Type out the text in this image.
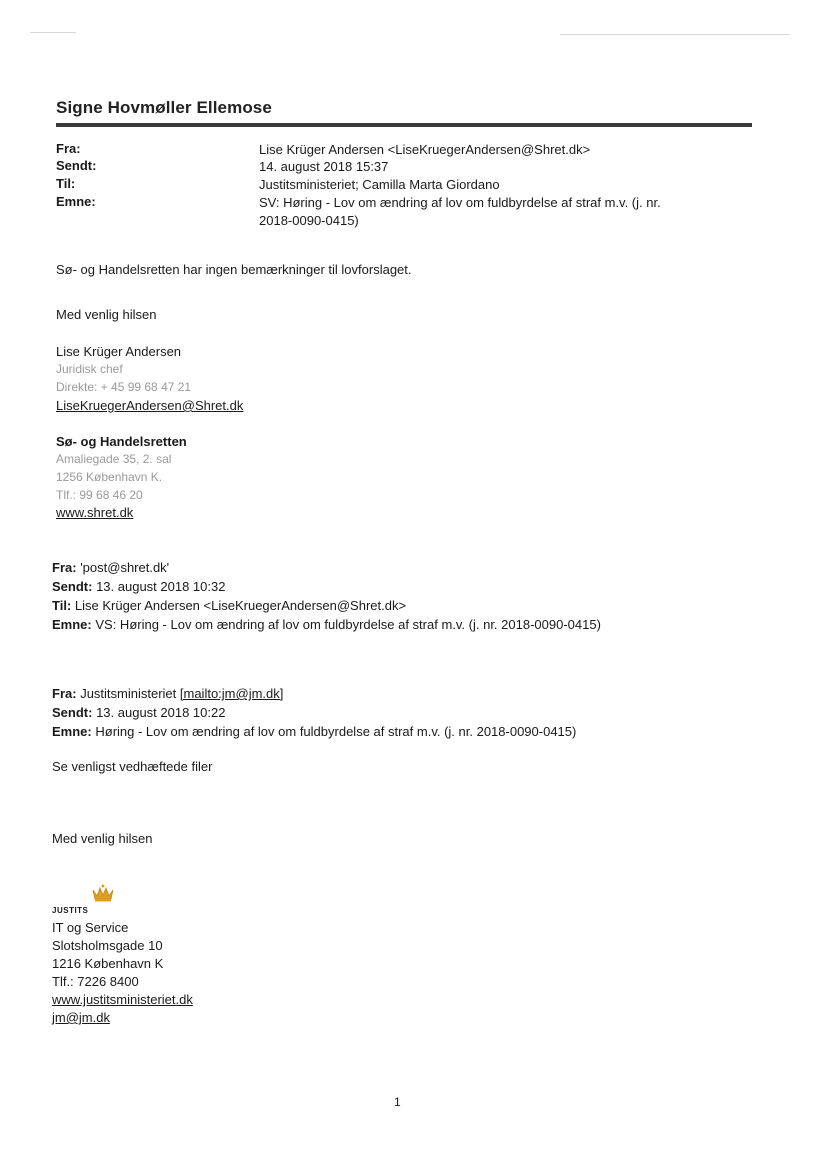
Signe Hovmøller Ellemose
Fra:
Sendt:
Til:
Emne:
Lise Krüger Andersen <LiseKruegerAndersen@Shret.dk>
14. august 2018 15:37
Justitsministeriet; Camilla Marta Giordano
SV: Høring - Lov om ændring af lov om fuldbyrdelse af straf m.v. (j. nr. 2018-0090-0415)
Sø- og Handelsretten har ingen bemærkninger til lovforslaget.
Med venlig hilsen
Lise Krüger Andersen
Juridisk chef
Direkte: + 45 99 68 47 21
LiseKruegerAndersen@Shret.dk
Sø- og Handelsretten
Amaliegade 35, 2. sal
1256 København K.
Tlf.: 99 68 46 20
www.shret.dk
Fra: 'post@shret.dk'
Sendt: 13. august 2018 10:32
Til: Lise Krüger Andersen <LiseKruegerAndersen@Shret.dk>
Emne: VS: Høring - Lov om ændring af lov om fuldbyrdelse af straf m.v. (j. nr. 2018-0090-0415)
Fra: Justitsministeriet [mailto:jm@jm.dk]
Sendt: 13. august 2018 10:22
Emne: Høring - Lov om ændring af lov om fuldbyrdelse af straf m.v. (j. nr. 2018-0090-0415)
Se venligst vedhæftede filer
Med venlig hilsen
JUSTITS
IT og Service
Slotsholmsgade 10
1216 København K
Tlf.: 7226 8400
www.justitsministeriet.dk
jm@jm.dk
1
